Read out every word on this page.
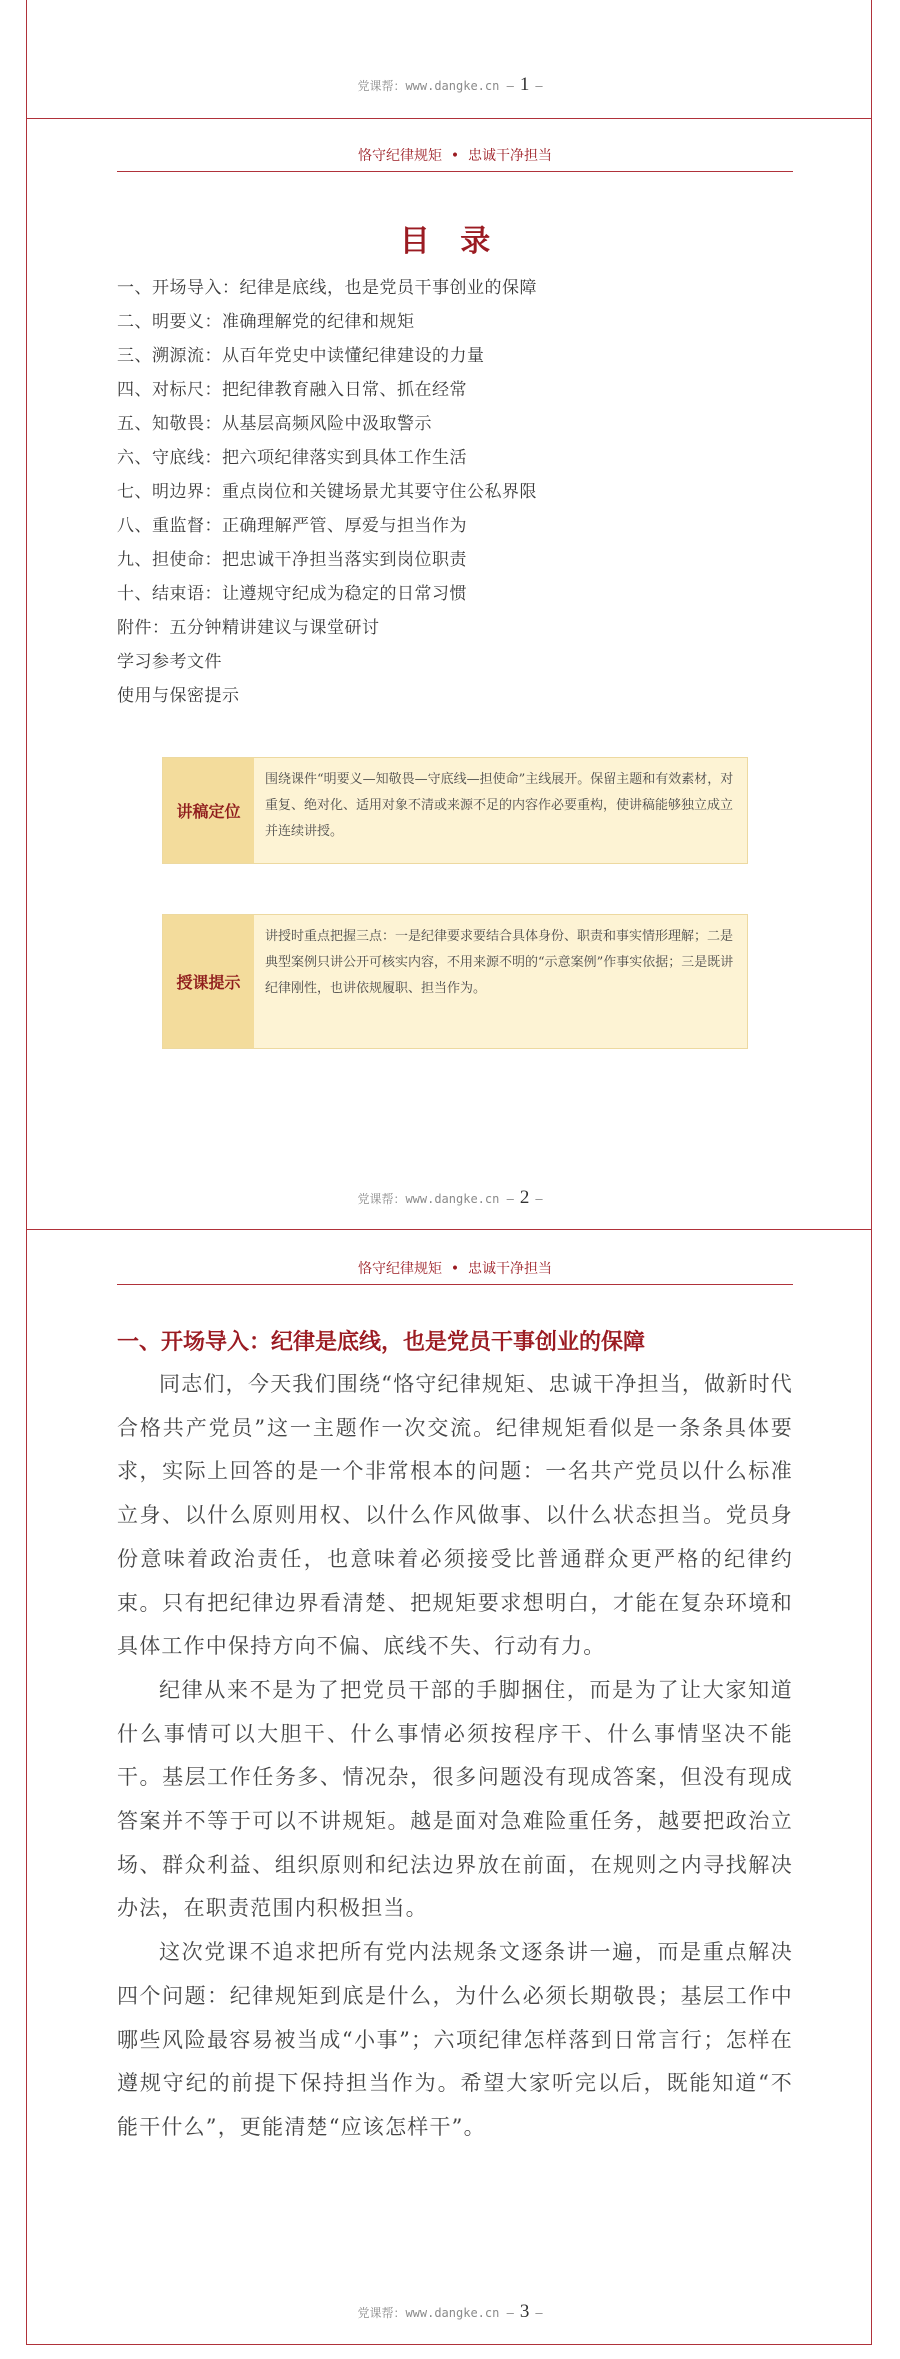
党课帮：www.dangke.cn — 1 —
恪守纪律规矩 • 忠诚干净担当
目 录
一、开场导入：纪律是底线，也是党员干事创业的保障
二、明要义：准确理解党的纪律和规矩
三、溯源流：从百年党史中读懂纪律建设的力量
四、对标尺：把纪律教育融入日常、抓在经常
五、知敬畏：从基层高频风险中汲取警示
六、守底线：把六项纪律落实到具体工作生活
七、明边界：重点岗位和关键场景尤其要守住公私界限
八、重监督：正确理解严管、厚爱与担当作为
九、担使命：把忠诚干净担当落实到岗位职责
十、结束语：让遵规守纪成为稳定的日常习惯
附件：五分钟精讲建议与课堂研讨
学习参考文件
使用与保密提示
讲稿定位
围绕课件“明要义—知敬畏—守底线—担使命”主线展开。保留主题和有效素材，对重复、绝对化、适用对象不清或来源不足的内容作必要重构，使讲稿能够独立成立并连续讲授。
授课提示
讲授时重点把握三点：一是纪律要求要结合具体身份、职责和事实情形理解；二是典型案例只讲公开可核实内容，不用来源不明的“示意案例”作事实依据；三是既讲纪律刚性，也讲依规履职、担当作为。
党课帮：www.dangke.cn — 2 —
恪守纪律规矩 • 忠诚干净担当
一、开场导入：纪律是底线，也是党员干事创业的保障

同志们，今天我们围绕“恪守纪律规矩、忠诚干净担当，做新时代合格共产党员”这一主题作一次交流。纪律规矩看似是一条条具体要求，实际上回答的是一个非常根本的问题：一名共产党员以什么标准立身、以什么原则用权、以什么作风做事、以什么状态担当。党员身份意味着政治责任，也意味着必须接受比普通群众更严格的纪律约束。只有把纪律边界看清楚、把规矩要求想明白，才能在复杂环境和具体工作中保持方向不偏、底线不失、行动有力。

纪律从来不是为了把党员干部的手脚捆住，而是为了让大家知道什么事情可以大胆干、什么事情必须按程序干、什么事情坚决不能干。基层工作任务多、情况杂，很多问题没有现成答案，但没有现成答案并不等于可以不讲规矩。越是面对急难险重任务，越要把政治立场、群众利益、组织原则和纪法边界放在前面，在规则之内寻找解决办法，在职责范围内积极担当。

这次党课不追求把所有党内法规条文逐条讲一遍，而是重点解决四个问题：纪律规矩到底是什么，为什么必须长期敬畏；基层工作中哪些风险最容易被当成“小事”；六项纪律怎样落到日常言行；怎样在遵规守纪的前提下保持担当作为。希望大家听完以后，既能知道“不能干什么”，更能清楚“应该怎样干”。

党课帮：www.dangke.cn — 3 —
